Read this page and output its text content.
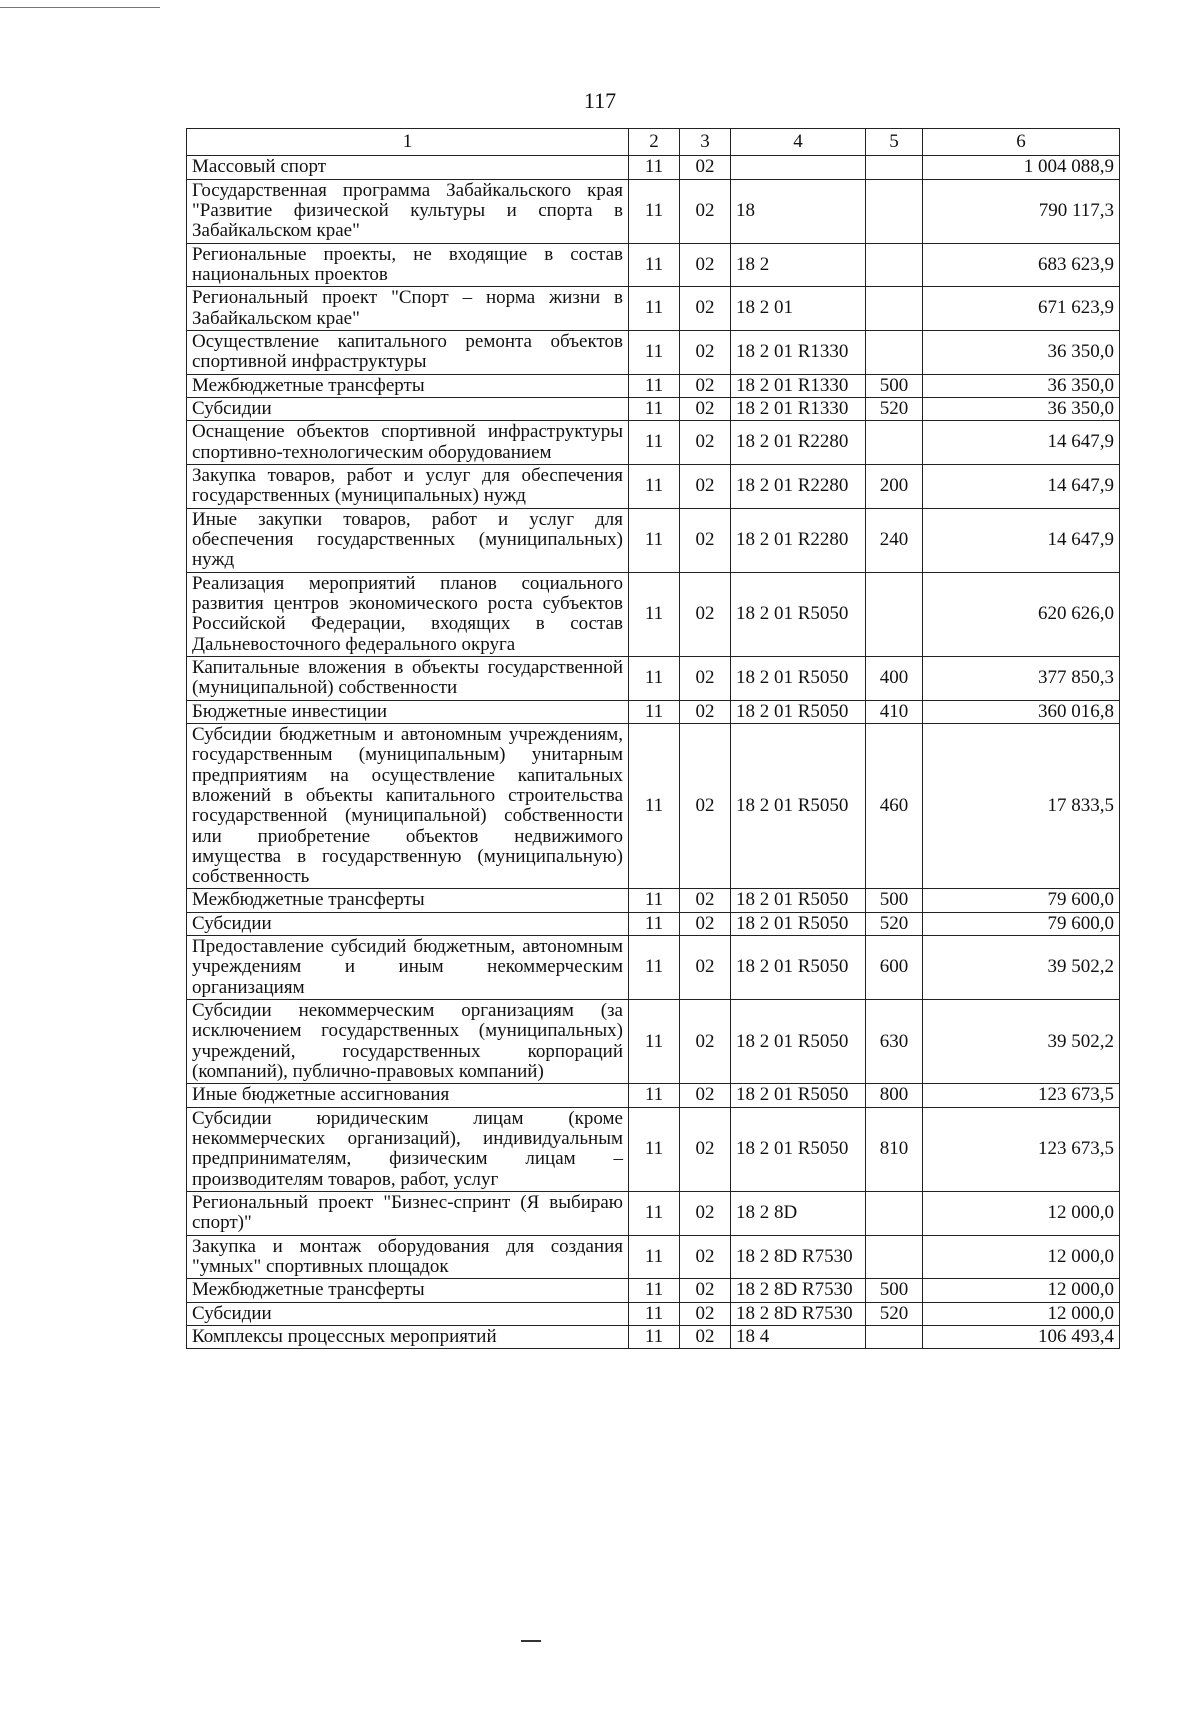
117
1	2	3	4	5	6
Массовый спорт	11	02			1 004 088,9
Государственная программа Забайкальского края "Развитие физической культуры и спорта в Забайкальском крае"	11	02	18		790 117,3
Региональные проекты, не входящие в состав национальных проектов	11	02	18 2		683 623,9
Региональный проект "Спорт – норма жизни в Забайкальском крае"	11	02	18 2 01		671 623,9
Осуществление капитального ремонта объектов спортивной инфраструктуры	11	02	18 2 01 R1330		36 350,0
Межбюджетные трансферты	11	02	18 2 01 R1330	500	36 350,0
Субсидии	11	02	18 2 01 R1330	520	36 350,0
Оснащение объектов спортивной инфраструктуры спортивно-технологическим оборудованием	11	02	18 2 01 R2280		14 647,9
Закупка товаров, работ и услуг для обеспечения государственных (муниципальных) нужд	11	02	18 2 01 R2280	200	14 647,9
Иные закупки товаров, работ и услуг для обеспечения государственных (муниципальных) нужд	11	02	18 2 01 R2280	240	14 647,9
Реализация мероприятий планов социального развития центров экономического роста субъектов Российской Федерации, входящих в состав Дальневосточного федерального округа	11	02	18 2 01 R5050		620 626,0
Капитальные вложения в объекты государственной (муниципальной) собственности	11	02	18 2 01 R5050	400	377 850,3
Бюджетные инвестиции	11	02	18 2 01 R5050	410	360 016,8
Субсидии бюджетным и автономным учреждениям, государственным (муниципальным) унитарным предприятиям на осуществление капитальных вложений в объекты капитального строительства государственной (муниципальной) собственности или приобретение объектов недвижимого имущества в государственную (муниципальную) собственность	11	02	18 2 01 R5050	460	17 833,5
Межбюджетные трансферты	11	02	18 2 01 R5050	500	79 600,0
Субсидии	11	02	18 2 01 R5050	520	79 600,0
Предоставление субсидий бюджетным, автономным учреждениям и иным некоммерческим организациям	11	02	18 2 01 R5050	600	39 502,2
Субсидии некоммерческим организациям (за исключением государственных (муниципальных) учреждений, государственных корпораций (компаний), публично-правовых компаний)	11	02	18 2 01 R5050	630	39 502,2
Иные бюджетные ассигнования	11	02	18 2 01 R5050	800	123 673,5
Субсидии юридическим лицам (кроме некоммерческих организаций), индивидуальным предпринимателям, физическим лицам – производителям товаров, работ, услуг	11	02	18 2 01 R5050	810	123 673,5
Региональный проект "Бизнес-спринт (Я выбираю спорт)"	11	02	18 2 8D		12 000,0
Закупка и монтаж оборудования для создания "умных" спортивных площадок	11	02	18 2 8D R7530		12 000,0
Межбюджетные трансферты	11	02	18 2 8D R7530	500	12 000,0
Субсидии	11	02	18 2 8D R7530	520	12 000,0
Комплексы процессных мероприятий	11	02	18 4		106 493,4
